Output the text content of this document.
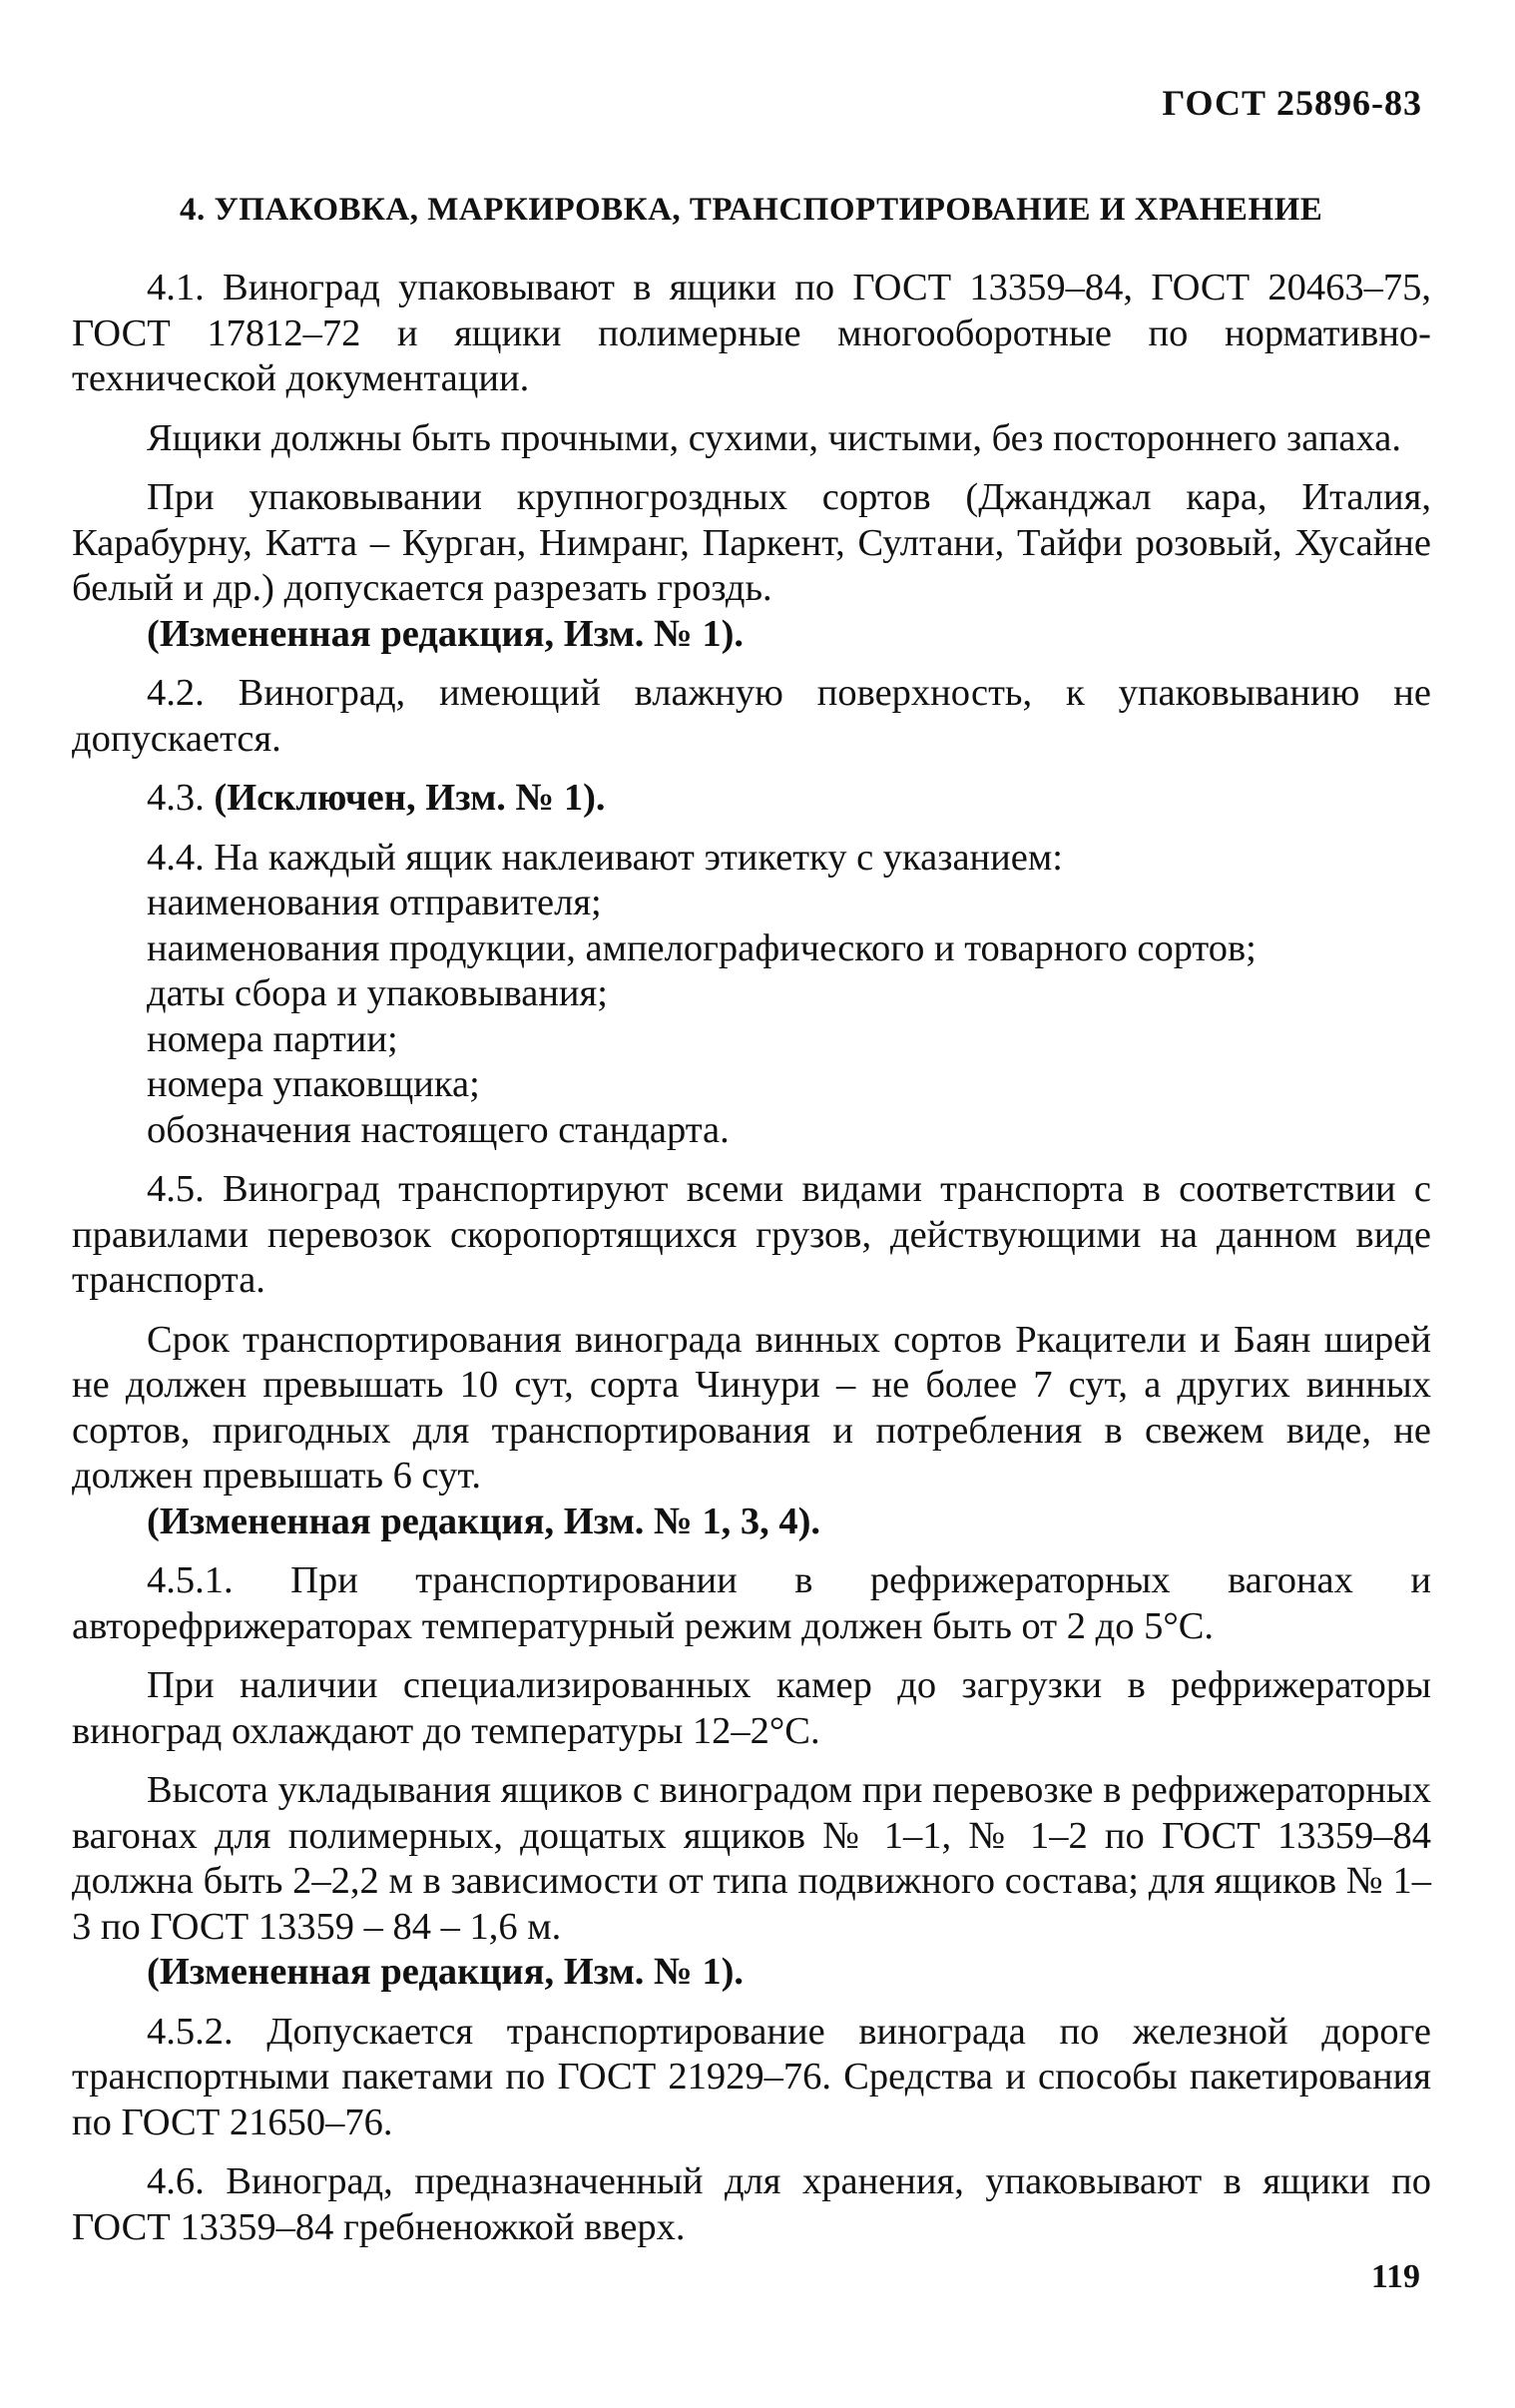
ГОСТ 25896-83
4. УПАКОВКА, МАРКИРОВКА, ТРАНСПОРТИРОВАНИЕ И ХРАНЕНИЕ

4.1. Виноград упаковывают в ящики по ГОСТ 13359–84, ГОСТ 20463–75, ГОСТ 17812–72 и ящики полимерные многооборотные по нормативно-технической документации.

Ящики должны быть прочными, сухими, чистыми, без постороннего запаха.

При упаковывании крупногроздных сортов (Джанджал кара, Италия, Карабурну, Катта – Курган, Нимранг, Паркент, Султани, Тайфи розовый, Хусайне белый и др.) допускается разрезать гроздь.

(Измененная редакция, Изм. № 1).

4.2. Виноград, имеющий влажную поверхность, к упаковыванию не допускается.

4.3. (Исключен, Изм. № 1).

4.4. На каждый ящик наклеивают этикетку с указанием:

наименования отправителя;

наименования продукции, ампелографического и товарного сортов;

даты сбора и упаковывания;

номера партии;

номера упаковщика;

обозначения настоящего стандарта.

4.5. Виноград транспортируют всеми видами транспорта в соответствии с правилами перевозок скоропортящихся грузов, действующими на данном виде транспорта.

Срок транспортирования винограда винных сортов Ркацители и Баян ширей не должен превышать 10 сут, сорта Чинури – не более 7 сут, а других винных сортов, пригодных для транспортирования и потребления в свежем виде, не должен превышать 6 сут.

(Измененная редакция, Изм. № 1, 3, 4).

4.5.1. При транспортировании в рефрижераторных вагонах и авторефрижераторах температурный режим должен быть от 2 до 5°С.

При наличии специализированных камер до загрузки в рефрижераторы виноград охлаждают до температуры 12–2°С.

Высота укладывания ящиков с виноградом при перевозке в рефрижераторных вагонах для полимерных, дощатых ящиков № 1–1, № 1–2 по ГОСТ 13359–84 должна быть 2–2,2 м в зависимости от типа подвижного состава; для ящиков № 1–3 по ГОСТ 13359 – 84 – 1,6 м.

(Измененная редакция, Изм. № 1).

4.5.2. Допускается транспортирование винограда по железной дороге транспортными пакетами по ГОСТ 21929–76. Средства и способы пакетирования по ГОСТ 21650–76.

4.6. Виноград, предназначенный для хранения, упаковывают в ящики по ГОСТ 13359–84 гребненожкой вверх.

119
